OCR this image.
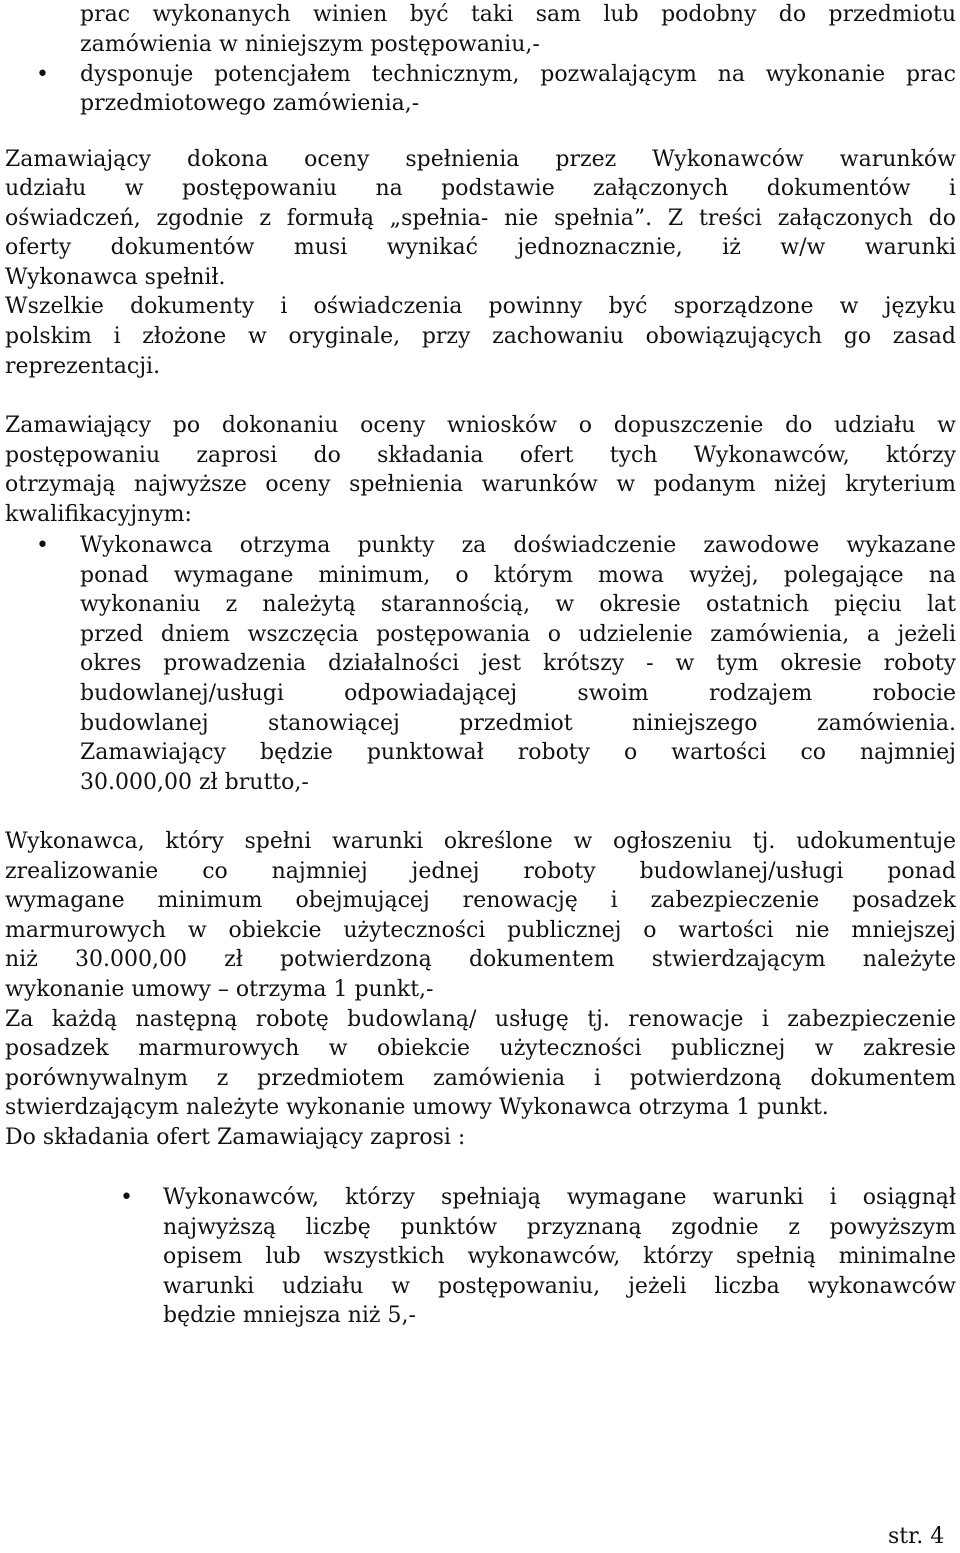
prac wykonanych winien być taki sam lub podobny do przedmiotu
zamówienia w niniejszym postępowaniu,-
• dysponuje potencjałem technicznym, pozwalającym na wykonanie prac
przedmiotowego zamówienia,-
Zamawiający dokona oceny spełnienia przez Wykonawców warunków
udziału w postępowaniu na podstawie załączonych dokumentów i
oświadczeń, zgodnie z formułą „spełnia- nie spełnia”. Z treści załączonych do
oferty dokumentów musi wynikać jednoznacznie, iż w/w warunki
Wykonawca spełnił.
Wszelkie dokumenty i oświadczenia powinny być sporządzone w języku
polskim i złożone w oryginale, przy zachowaniu obowiązujących go zasad
reprezentacji.
Zamawiający po dokonaniu oceny wniosków o dopuszczenie do udziału w
postępowaniu zaprosi do składania ofert tych Wykonawców, którzy
otrzymają najwyższe oceny spełnienia warunków w podanym niżej kryterium
kwalifikacyjnym:
• Wykonawca otrzyma punkty za doświadczenie zawodowe wykazane
ponad wymagane minimum, o którym mowa wyżej, polegające na
wykonaniu z należytą starannością, w okresie ostatnich pięciu lat
przed dniem wszczęcia postępowania o udzielenie zamówienia, a jeżeli
okres prowadzenia działalności jest krótszy - w tym okresie roboty
budowlanej/usługi odpowiadającej swoim rodzajem robocie
budowlanej stanowiącej przedmiot niniejszego zamówienia.
Zamawiający będzie punktował roboty o wartości co najmniej
30.000,00 zł brutto,-
Wykonawca, który spełni warunki określone w ogłoszeniu tj. udokumentuje
zrealizowanie co najmniej jednej roboty budowlanej/usługi ponad
wymagane minimum obejmującej renowację i zabezpieczenie posadzek
marmurowych w obiekcie użyteczności publicznej o wartości nie mniejszej
niż 30.000,00 zł potwierdzoną dokumentem stwierdzającym należyte
wykonanie umowy – otrzyma 1 punkt,-
Za każdą następną robotę budowlaną/ usługę tj. renowacje i zabezpieczenie
posadzek marmurowych w obiekcie użyteczności publicznej w zakresie
porównywalnym z przedmiotem zamówienia i potwierdzoną dokumentem
stwierdzającym należyte wykonanie umowy Wykonawca otrzyma 1 punkt.
Do składania ofert Zamawiający zaprosi :
• Wykonawców, którzy spełniają wymagane warunki i osiągnął
najwyższą liczbę punktów przyznaną zgodnie z powyższym
opisem lub wszystkich wykonawców, którzy spełnią minimalne
warunki udziału w postępowaniu, jeżeli liczba wykonawców
będzie mniejsza niż 5,-
str. 4
